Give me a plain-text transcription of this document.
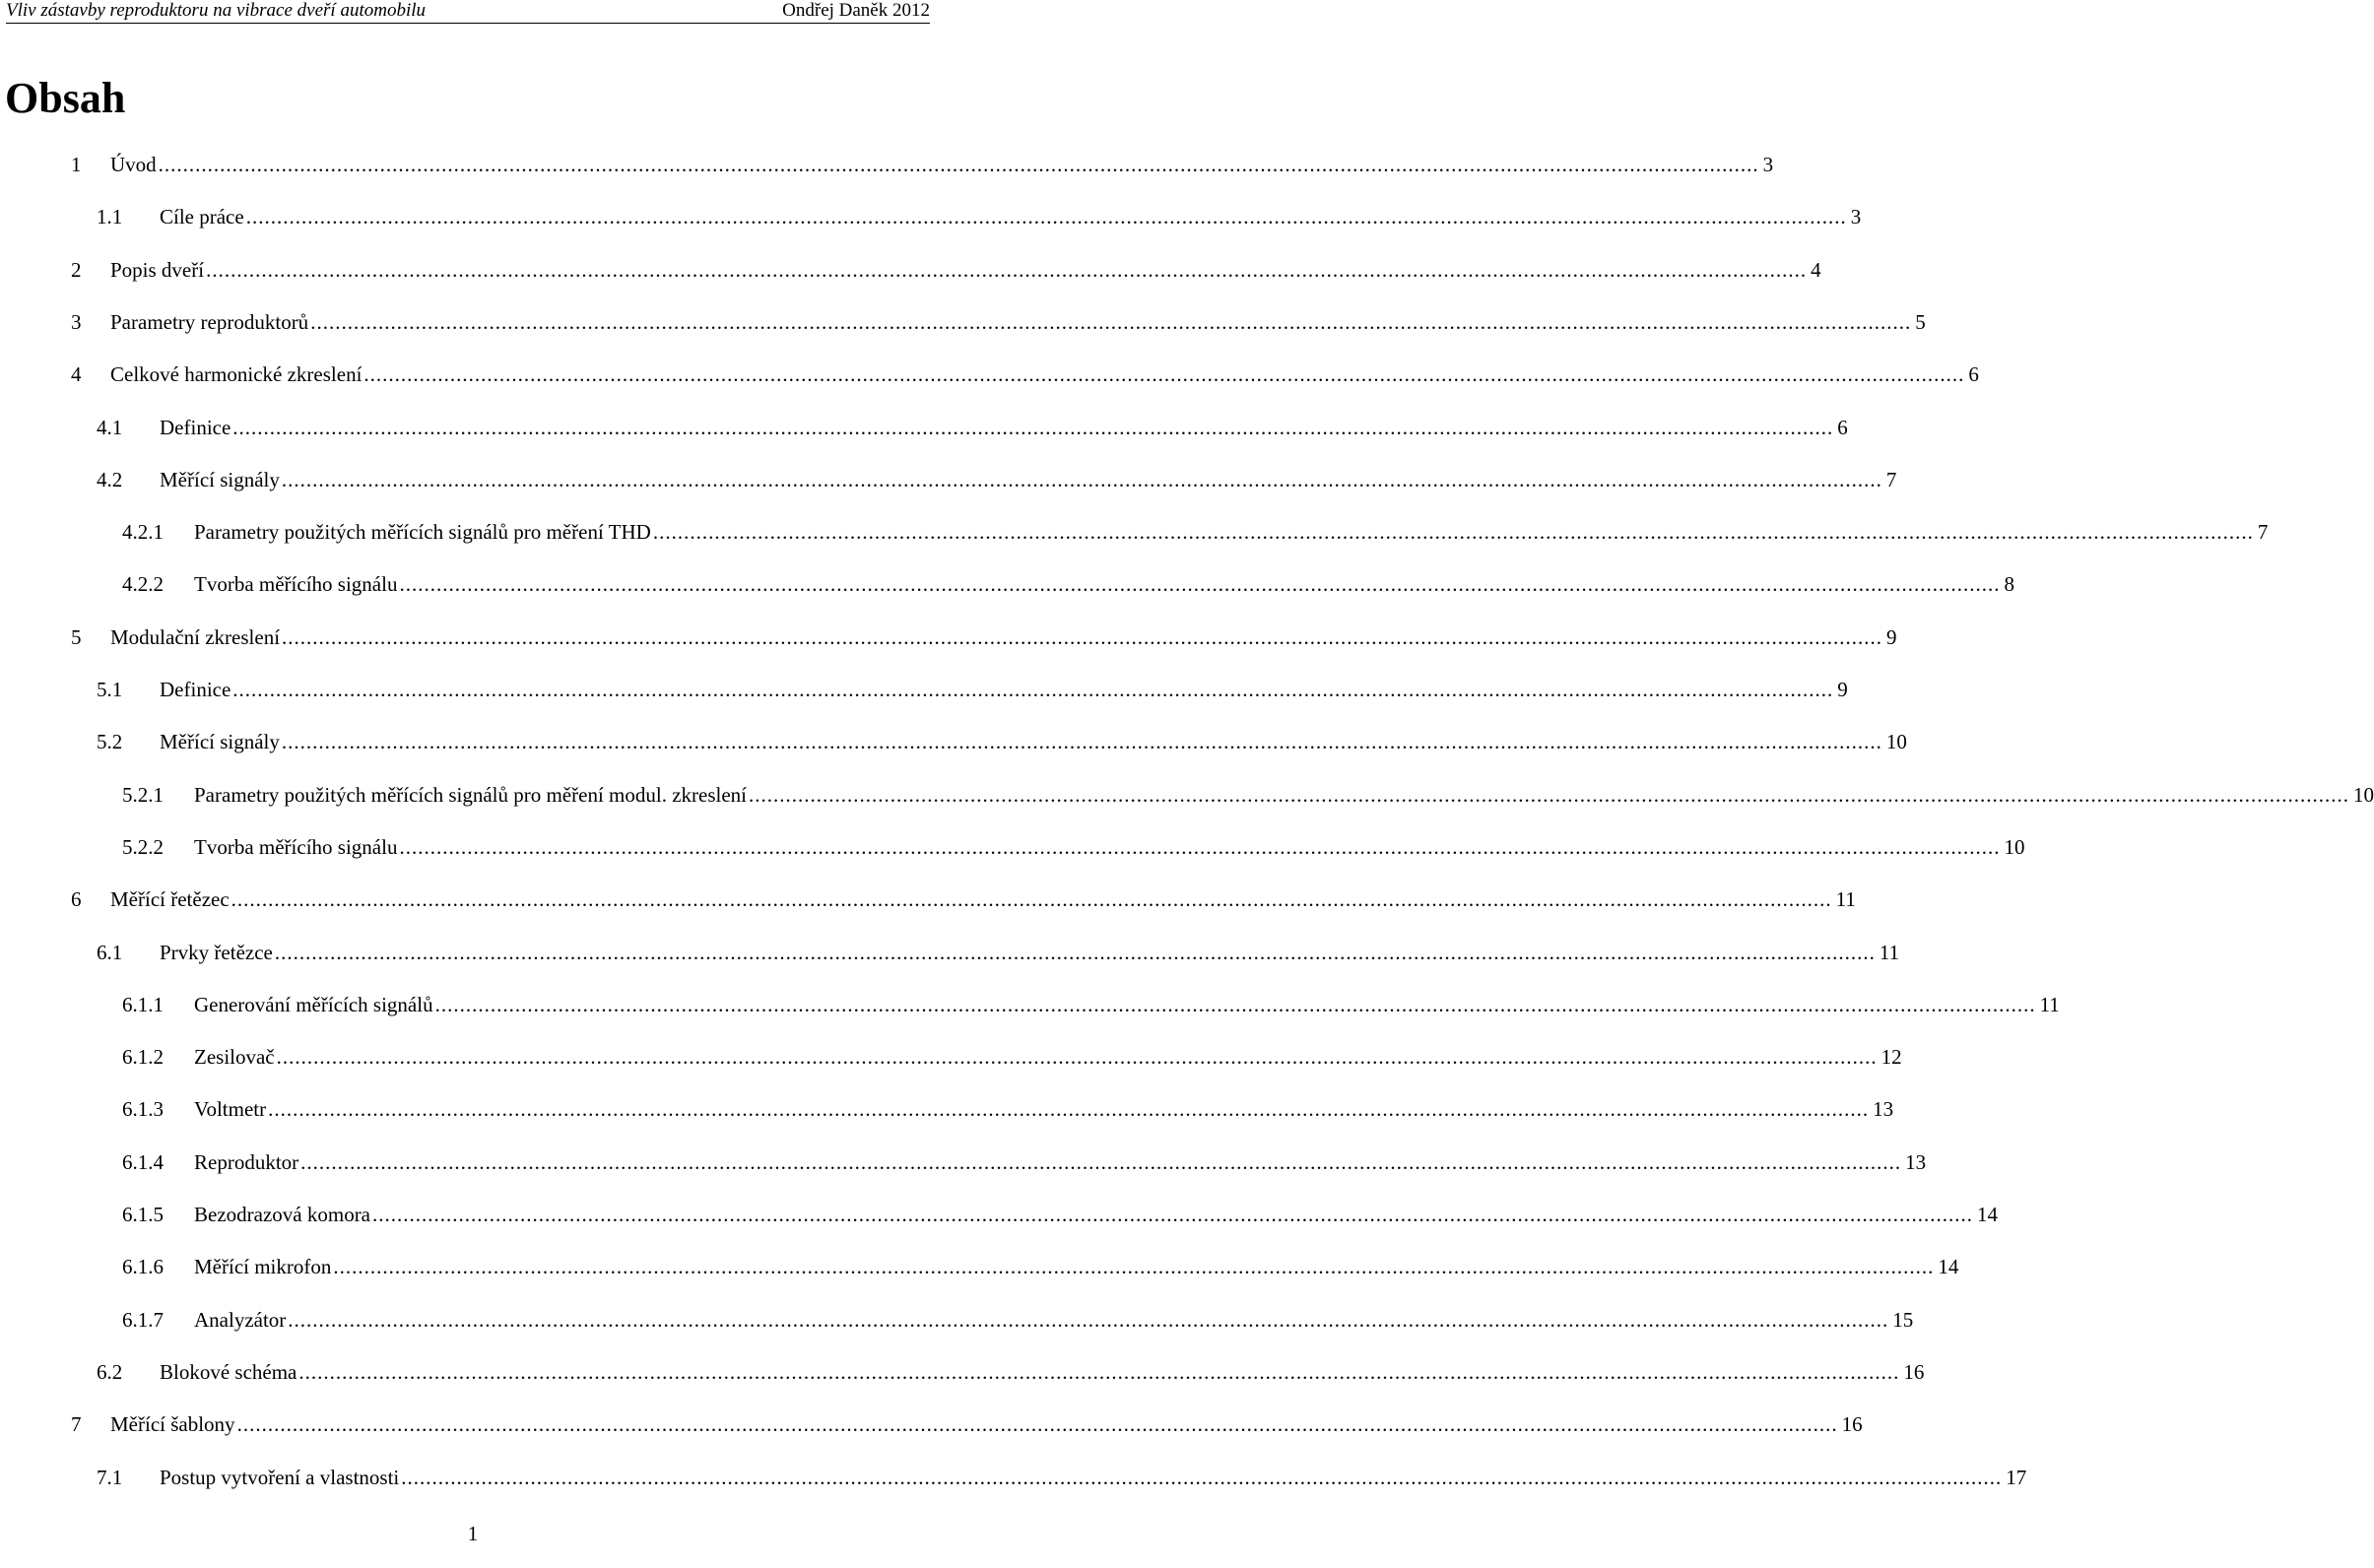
Vliv zástavby reproduktoru na vibrace dveří automobilu	Ondřej Daněk 2012
Obsah
1	Úvod .................................................................................................................................................................................................................................................................... 3
1.1	Cíle práce .................................................................................................................................................................................................................................................................... 3
2	Popis dveří .................................................................................................................................................................................................................................................................... 4
3	Parametry reproduktorů .................................................................................................................................................................................................................................................................... 5
4	Celkové harmonické zkreslení .................................................................................................................................................................................................................................................................... 6
4.1	Definice .................................................................................................................................................................................................................................................................... 6
4.2	Měřící signály .................................................................................................................................................................................................................................................................... 7
4.2.1	Parametry použitých měřících signálů pro měření THD .................................................................................................................................................................................................................................................................... 7
4.2.2	Tvorba měřícího signálu .................................................................................................................................................................................................................................................................... 8
5	Modulační zkreslení .................................................................................................................................................................................................................................................................... 9
5.1	Definice .................................................................................................................................................................................................................................................................... 9
5.2	Měřící signály .................................................................................................................................................................................................................................................................... 10
5.2.1	Parametry použitých měřících signálů pro měření modul. zkreslení .................................................................................................................................................................................................................................................................... 10
5.2.2	Tvorba měřícího signálu .................................................................................................................................................................................................................................................................... 10
6	Měřící řetězec .................................................................................................................................................................................................................................................................... 11
6.1	Prvky řetězce .................................................................................................................................................................................................................................................................... 11
6.1.1	Generování měřících signálů .................................................................................................................................................................................................................................................................... 11
6.1.2	Zesilovač .................................................................................................................................................................................................................................................................... 12
6.1.3	Voltmetr .................................................................................................................................................................................................................................................................... 13
6.1.4	Reproduktor .................................................................................................................................................................................................................................................................... 13
6.1.5	Bezodrazová komora .................................................................................................................................................................................................................................................................... 14
6.1.6	Měřící mikrofon .................................................................................................................................................................................................................................................................... 14
6.1.7	Analyzátor .................................................................................................................................................................................................................................................................... 15
6.2	Blokové schéma .................................................................................................................................................................................................................................................................... 16
7	Měřící šablony .................................................................................................................................................................................................................................................................... 16
7.1	Postup vytvoření a vlastnosti .................................................................................................................................................................................................................................................................... 17
1
